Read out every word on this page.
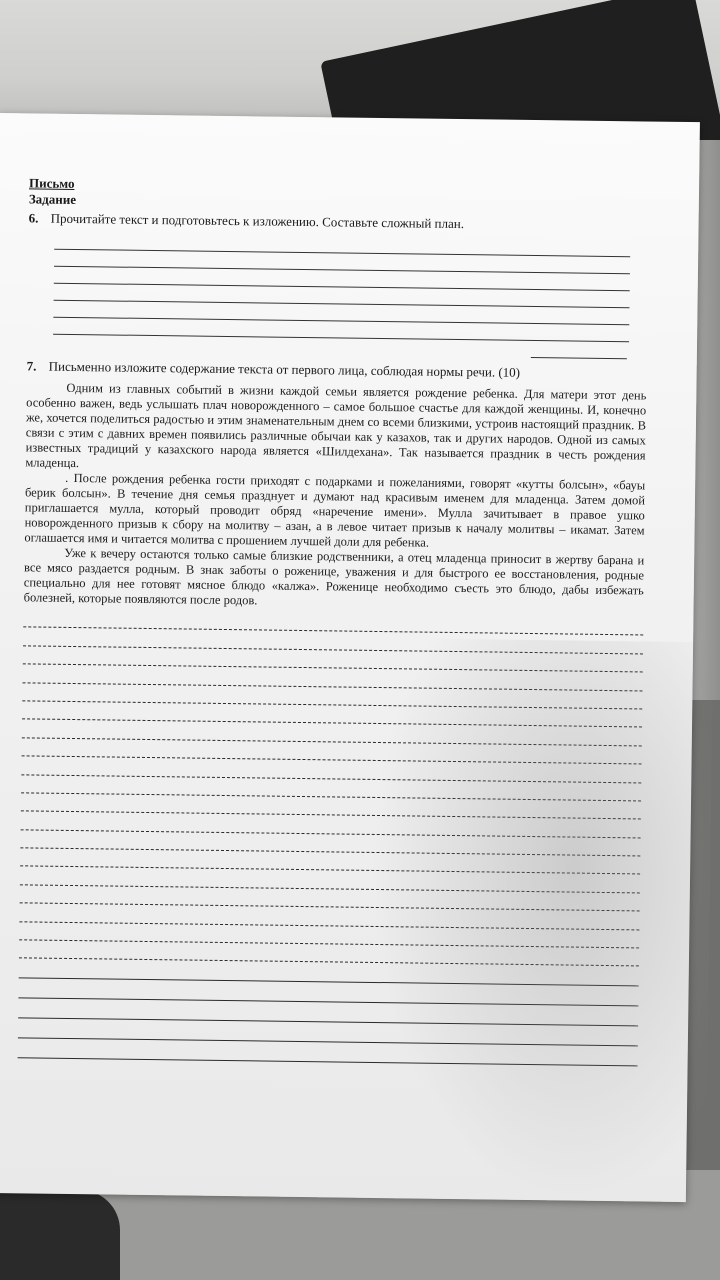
Письмо
Задание
6. Прочитайте текст и подготовьтесь к изложению. Составьте сложный план.
7. Письменно изложите содержание текста от первого лица, соблюдая нормы речи. (10)

Одним из главных событий в жизни каждой семьи является рождение ребенка. Для матери этот день особенно важен, ведь услышать плач новорожденного – самое большое счастье для каждой женщины. И, конечно же, хочется поделиться радостью и этим знаменательным днем со всеми близкими, устроив настоящий праздник. В связи с этим с давних времен появились различные обычаи как у казахов, так и других народов. Одной из самых известных традиций у казахского народа является «Шилдехана». Так называется праздник в честь рождения младенца.

. После рождения ребенка гости приходят с подарками и пожеланиями, говорят «кутты болсын», «бауы берик болсын». В течение дня семья празднует и думают над красивым именем для младенца. Затем домой приглашается мулла, который проводит обряд «наречение имени». Мулла зачитывает в правое ушко новорожденного призыв к сбору на молитву – азан, а в левое читает призыв к началу молитвы – икамат. Затем оглашается имя и читается молитва с прошением лучшей доли для ребенка.

Уже к вечеру остаются только самые близкие родственники, а отец младенца приносит в жертву барана и все мясо раздается родным. В знак заботы о роженице, уважения и для быстрого ее восстановления, родные специально для нее готовят мясное блюдо «калжа». Роженице необходимо съесть это блюдо, дабы избежать болезней, которые появляются после родов.
